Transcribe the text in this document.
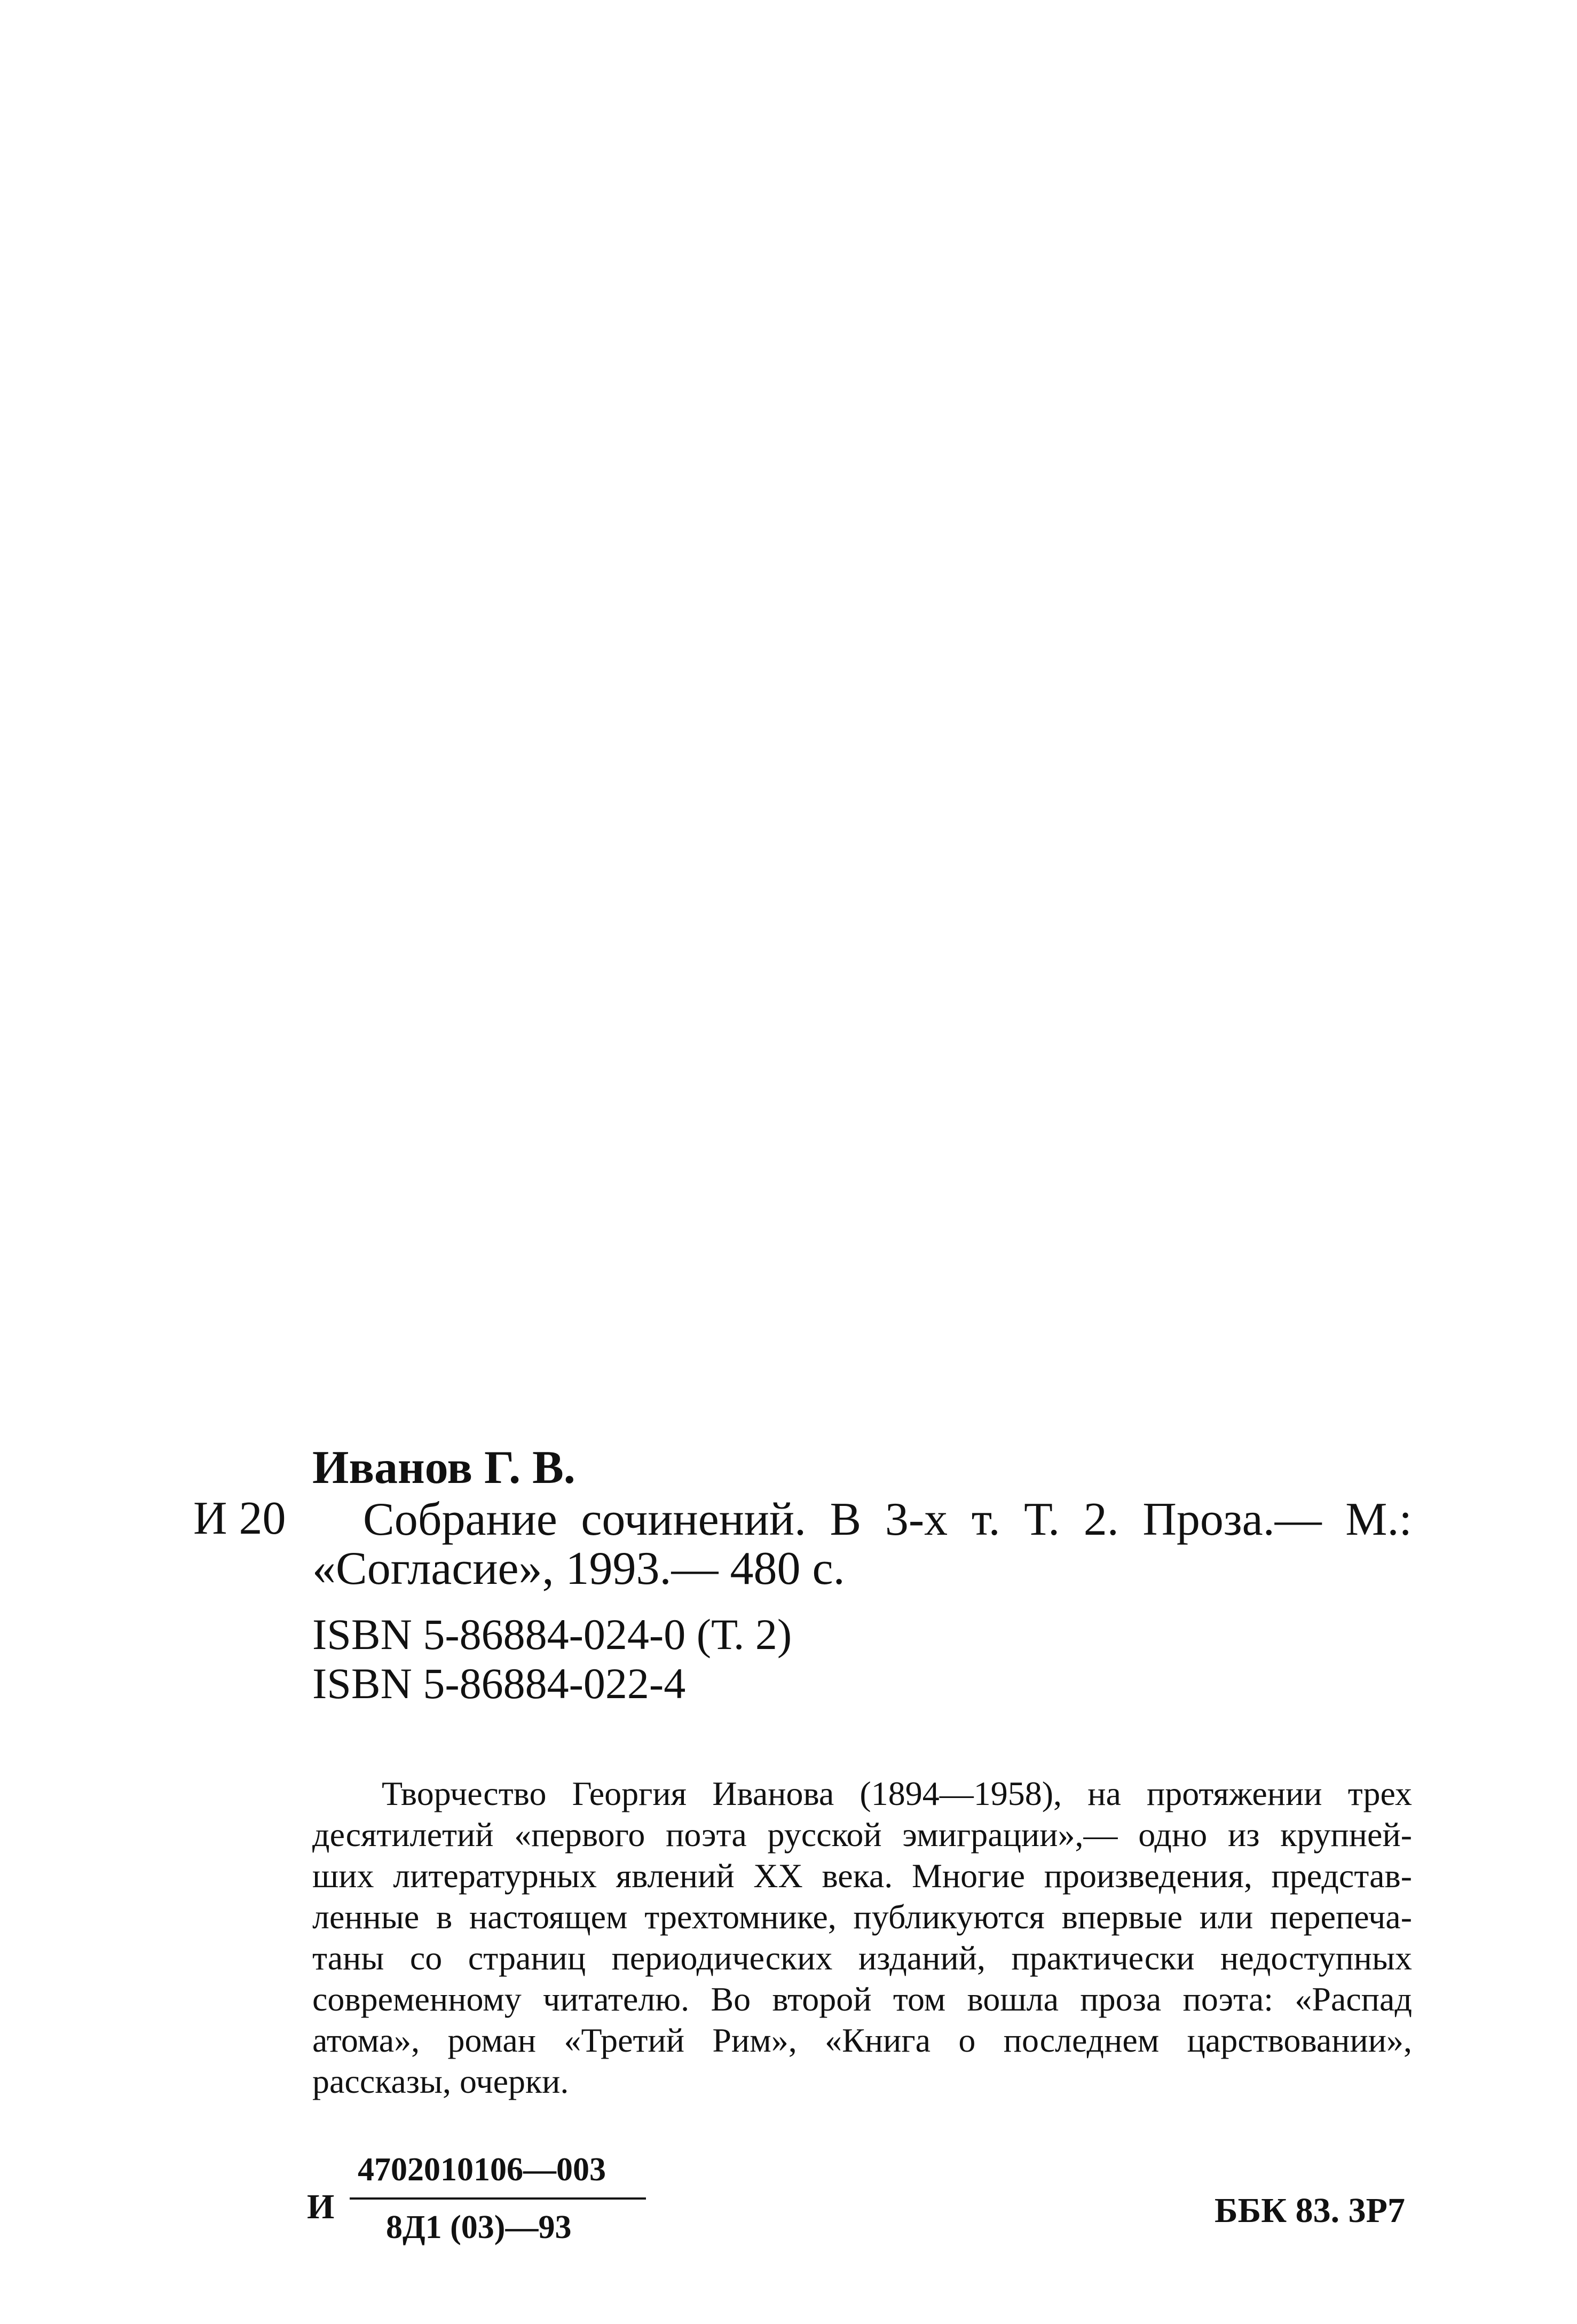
Иванов Г. В.
И 20	Собрание сочинений. В 3-х т. Т. 2. Проза.— М.:
«Согласие», 1993.— 480 с.
ISBN 5-86884-024-0 (Т. 2)
ISBN 5-86884-022-4
Творчество Георгия Иванова (1894—1958), на протяжении трех
десятилетий «первого поэта русской эмиграции»,— одно из крупней-
ших литературных явлений XX века. Многие произведения, представ-
ленные в настоящем трехтомнике, публикуются впервые или перепеча-
таны со страниц периодических изданий, практически недоступных
современному читателю. Во второй том вошла проза поэта: «Распад
атома», роман «Третий Рим», «Книга о последнем царствовании»,
рассказы, очерки.
И
4702010106—003
8Д1 (03)—93	ББК 83. 3Р7
